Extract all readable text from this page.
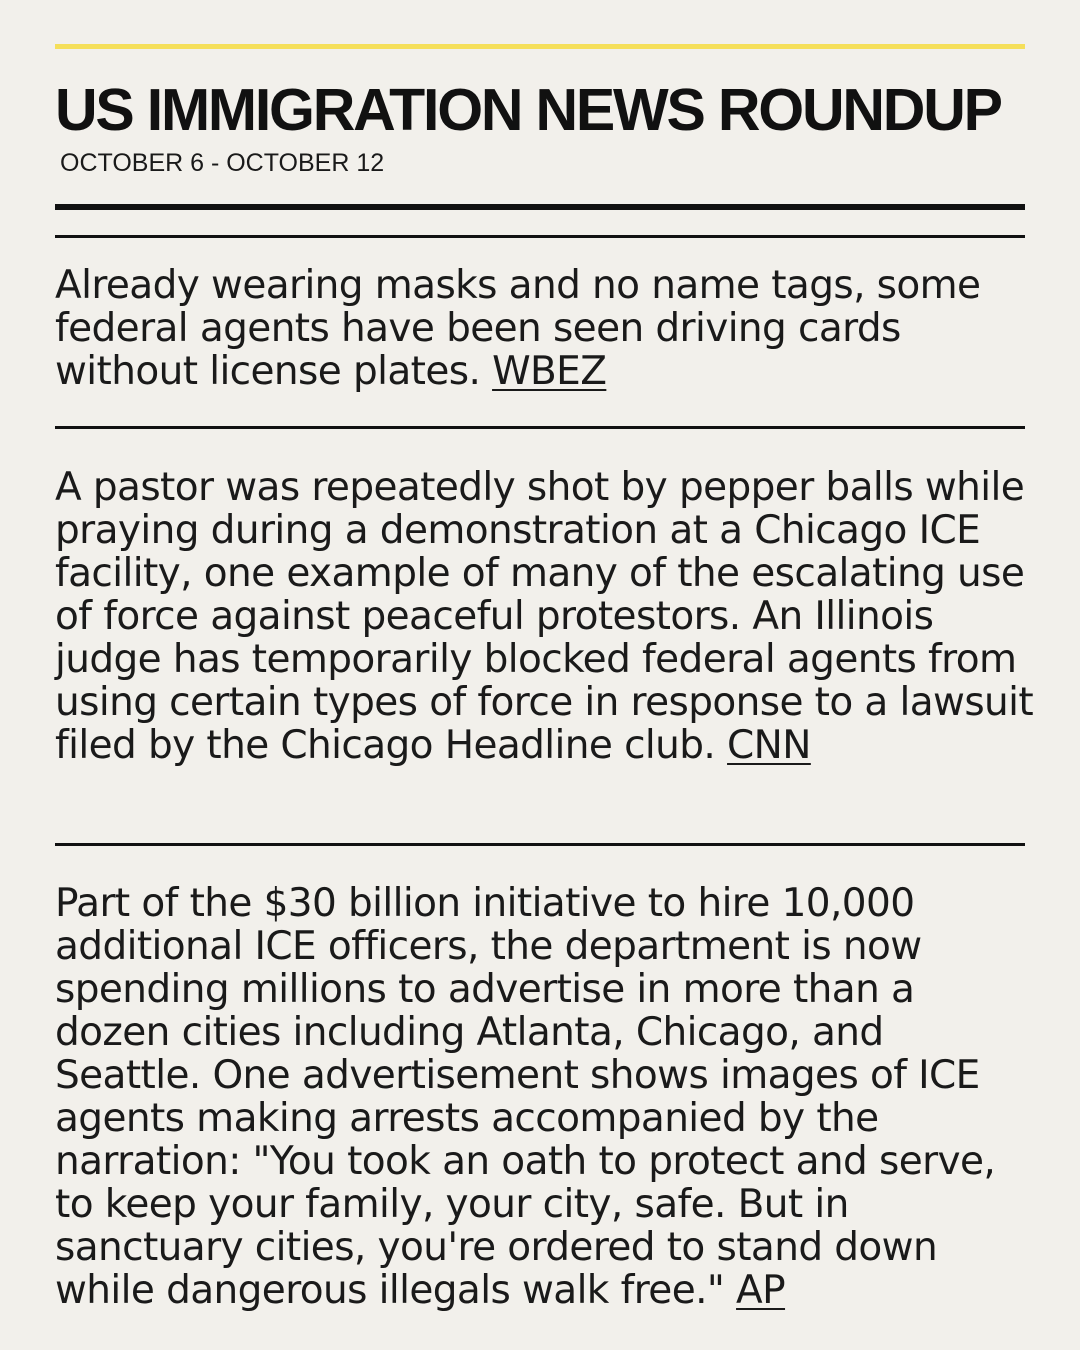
US IMMIGRATION NEWS ROUNDUP
OCTOBER 6 - OCTOBER 12

Already wearing masks and no name tags, some federal agents have been seen driving cards without license plates. WBEZ

A pastor was repeatedly shot by pepper balls while praying during a demonstration at a Chicago ICE facility, one example of many of the escalating use of force against peaceful protestors. An Illinois judge has temporarily blocked federal agents from using certain types of force in response to a lawsuit filed by the Chicago Headline club. CNN

Part of the $30 billion initiative to hire 10,000 additional ICE officers, the department is now spending millions to advertise in more than a dozen cities including Atlanta, Chicago, and Seattle. One advertisement shows images of ICE agents making arrests accompanied by the narration: "You took an oath to protect and serve, to keep your family, your city, safe. But in sanctuary cities, you're ordered to stand down while dangerous illegals walk free." AP
